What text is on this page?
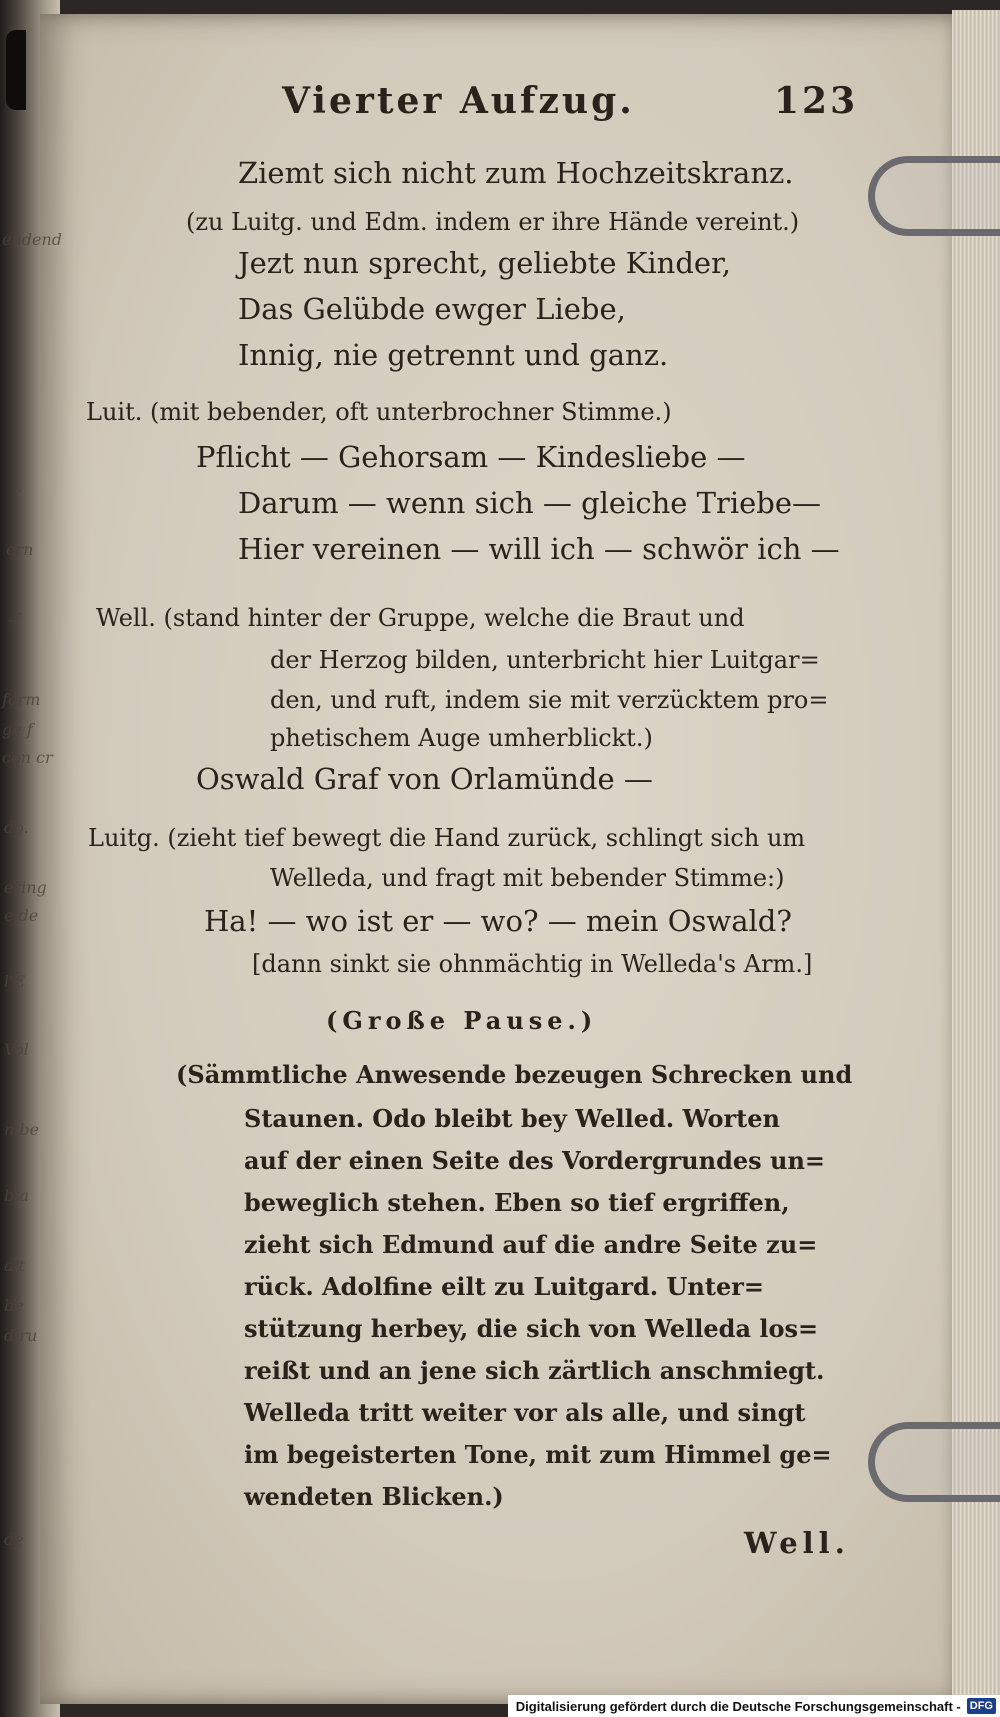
endend
-
ern
-f
form
ge f
con cr
do.
ering
e de
l'E
Vol
n be
b a
alt
be
diru
de
Vierter Aufzug.	123
Ziemt sich nicht zum Hochzeitskranz.
(zu Luitg. und Edm. indem er ihre Hände vereint.)
Jezt nun sprecht, geliebte Kinder,
Das Gelübde ewger Liebe,
Innig, nie getrennt und ganz.
Luit. (mit bebender, oft unterbrochner Stimme.)
Pflicht — Gehorsam — Kindesliebe —
Darum — wenn sich — gleiche Triebe—
Hier vereinen — will ich — schwör ich —
Well. (stand hinter der Gruppe, welche die Braut und
der Herzog bilden, unterbricht hier Luitgar=
den, und ruft, indem sie mit verzücktem pro=
phetischem Auge umherblickt.)
Oswald Graf von Orlamünde —
Luitg. (zieht tief bewegt die Hand zurück, schlingt sich um
Welleda, und fragt mit bebender Stimme:)
Ha! — wo ist er — wo? — mein Oswald?
[dann sinkt sie ohnmächtig in Welleda's Arm.]
(Große Pause.)
(Sämmtliche Anwesende bezeugen Schrecken und
Staunen. Odo bleibt bey Welled. Worten
auf der einen Seite des Vordergrundes un=
beweglich stehen. Eben so tief ergriffen,
zieht sich Edmund auf die andre Seite zu=
rück. Adolfine eilt zu Luitgard. Unter=
stützung herbey, die sich von Welleda los=
reißt und an jene sich zärtlich anschmiegt.
Welleda tritt weiter vor als alle, und singt
im begeisterten Tone, mit zum Himmel ge=
wendeten Blicken.)
Well.
Digitalisierung gefördert durch die Deutsche Forschungsgemeinschaft - DFG
